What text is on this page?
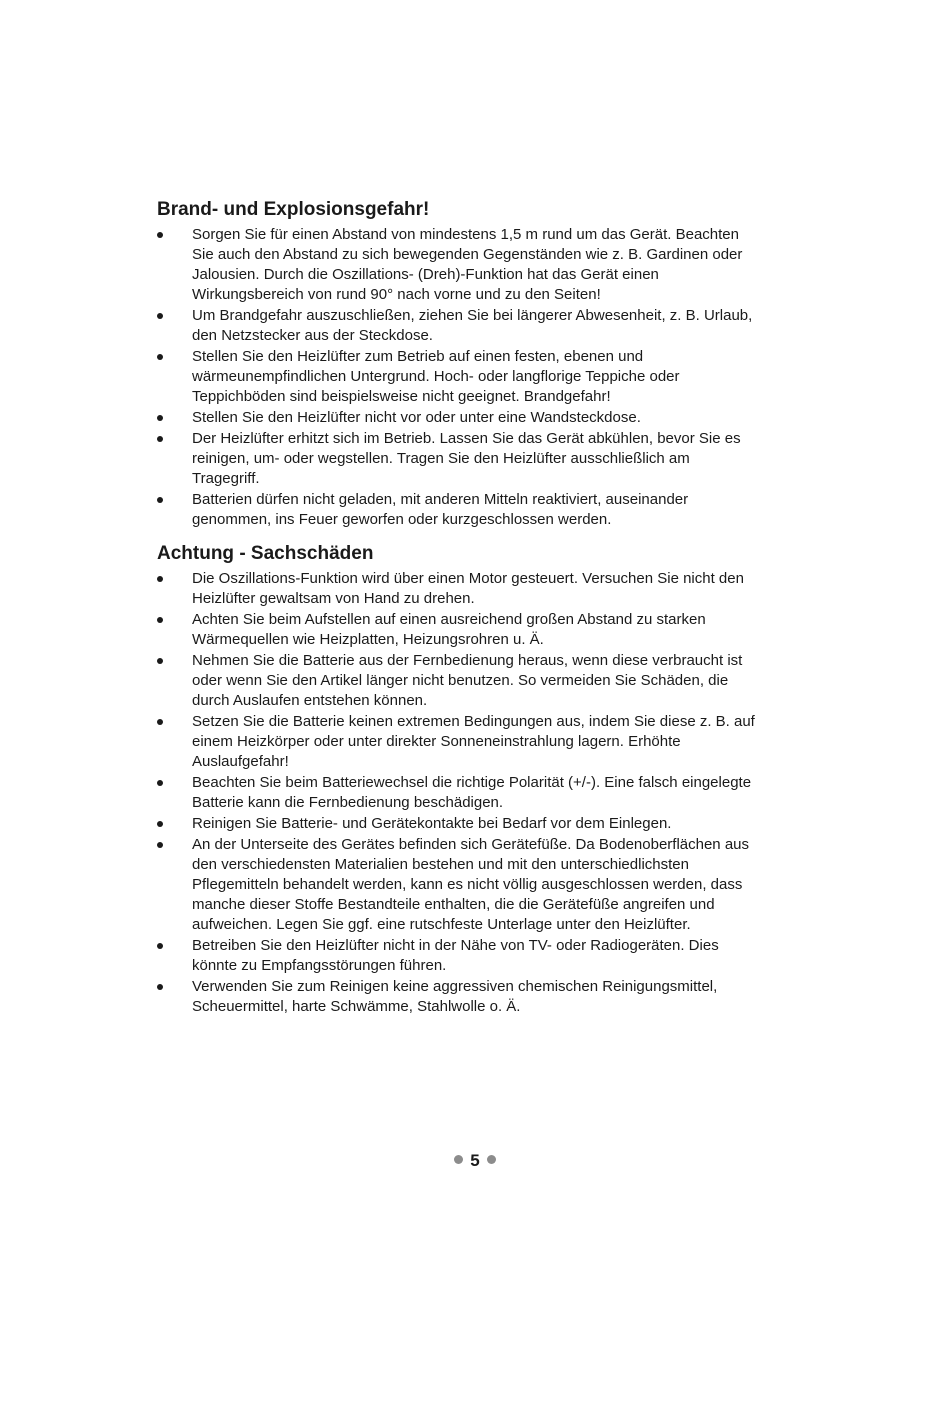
Brand- und Explosionsgefahr!
Sorgen Sie für einen Abstand von mindestens 1,5 m rund um das Gerät. Beachten Sie auch den Abstand zu sich bewegenden Gegenständen wie z. B. Gardinen oder Jalousien. Durch die Oszillations- (Dreh)-Funktion hat das Gerät einen Wirkungsbereich von rund 90° nach vorne und zu den Seiten!
Um Brandgefahr auszuschließen, ziehen Sie bei längerer Abwesenheit, z. B. Urlaub, den Netzstecker aus der Steckdose.
Stellen Sie den Heizlüfter zum Betrieb auf einen festen, ebenen und wärmeunempfindlichen Untergrund. Hoch- oder langflorige Teppiche oder Teppichböden sind beispielsweise nicht geeignet. Brandgefahr!
Stellen Sie den Heizlüfter nicht vor oder unter eine Wandsteckdose.
Der Heizlüfter erhitzt sich im Betrieb. Lassen Sie das Gerät abkühlen, bevor Sie es reinigen, um- oder wegstellen. Tragen Sie den Heizlüfter ausschließlich am Tragegriff.
Batterien dürfen nicht geladen, mit anderen Mitteln reaktiviert, auseinander genommen, ins Feuer geworfen oder kurzgeschlossen werden.
Achtung - Sachschäden
Die Oszillations-Funktion wird über einen Motor gesteuert. Versuchen Sie nicht den Heizlüfter gewaltsam von Hand zu drehen.
Achten Sie beim Aufstellen auf einen ausreichend großen Abstand zu starken Wärmequellen wie Heizplatten, Heizungsrohren u. Ä.
Nehmen Sie die Batterie aus der Fernbedienung heraus, wenn diese verbraucht ist oder wenn Sie den Artikel länger nicht benutzen. So vermeiden Sie Schäden, die durch Auslaufen entstehen können.
Setzen Sie die Batterie keinen extremen Bedingungen aus, indem Sie diese z. B. auf einem Heizkörper oder unter direkter Sonneneinstrahlung lagern. Erhöhte Auslaufgefahr!
Beachten Sie beim Batteriewechsel die richtige Polarität (+/-). Eine falsch eingelegte Batterie kann die Fernbedienung beschädigen.
Reinigen Sie Batterie- und Gerätekontakte bei Bedarf vor dem Einlegen.
An der Unterseite des Gerätes befinden sich Gerätefüße. Da Bodenoberflächen aus den verschiedensten Materialien bestehen und mit den unterschiedlichsten Pflegemitteln behandelt werden, kann es nicht völlig ausgeschlossen werden, dass manche dieser Stoffe Bestandteile enthalten, die die Gerätefüße angreifen und aufweichen. Legen Sie ggf. eine rutschfeste Unterlage unter den Heizlüfter.
Betreiben Sie den Heizlüfter nicht in der Nähe von TV- oder Radiogeräten. Dies könnte zu Empfangsstörungen führen.
Verwenden Sie zum Reinigen keine aggressiven chemischen Reinigungsmittel, Scheuermittel, harte Schwämme, Stahlwolle o. Ä.
5
